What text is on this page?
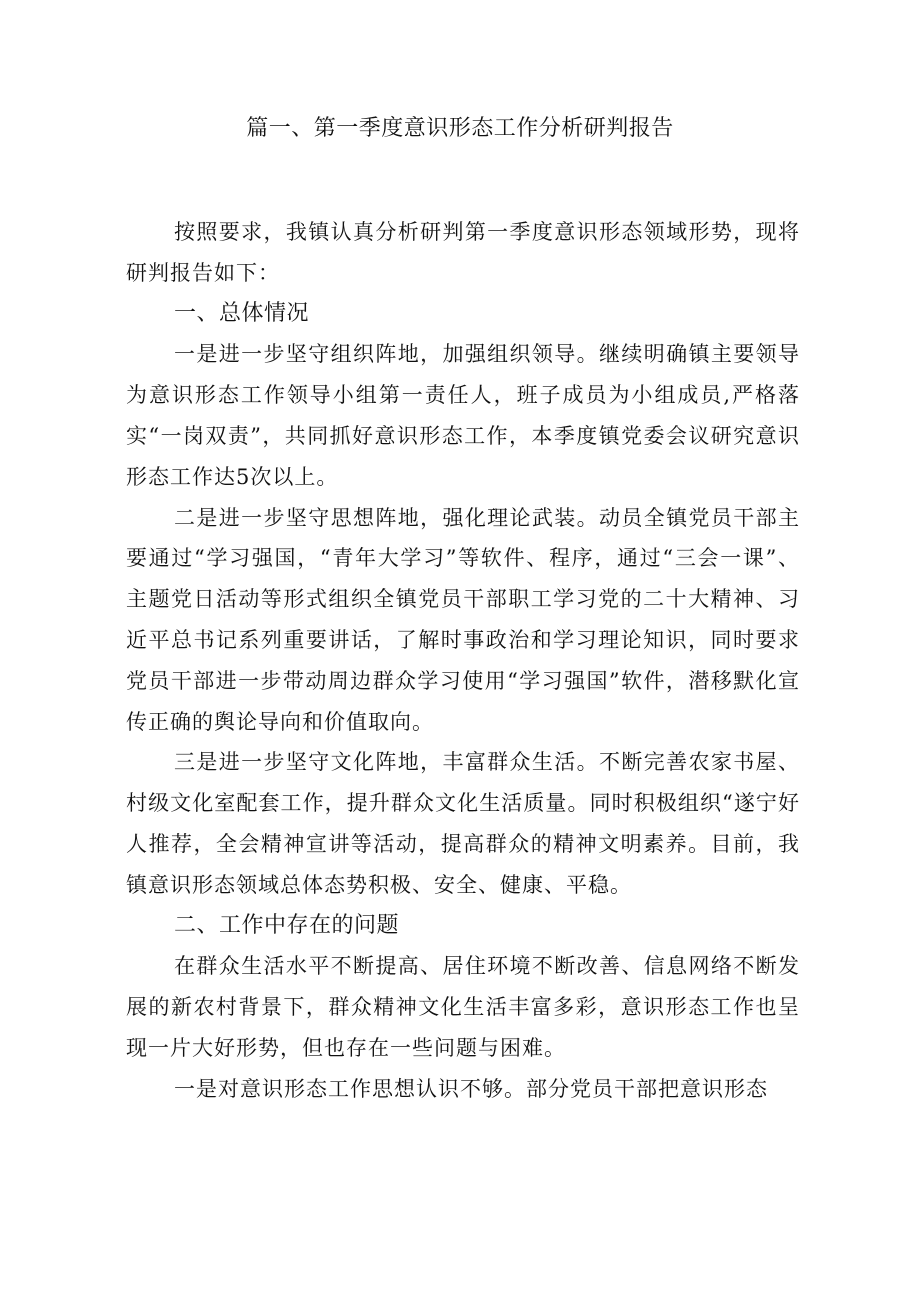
篇一、第一季度意识形态工作分析研判报告

按照要求，我镇认真分析研判第一季度意识形态领域形势，现将研判报告如下：

一、总体情况

一是进一步坚守组织阵地，加强组织领导。继续明确镇主要领导为意识形态工作领导小组第一责任人，班子成员为小组成员,严格落实“一岗双责”，共同抓好意识形态工作，本季度镇党委会议研究意识形态工作达5次以上。

二是进一步坚守思想阵地，强化理论武装。动员全镇党员干部主要通过“学习强国，“青年大学习”等软件、程序，通过“三会一课”、主题党日活动等形式组织全镇党员干部职工学习党的二十大精神、习近平总书记系列重要讲话，了解时事政治和学习理论知识，同时要求党员干部进一步带动周边群众学习使用“学习强国”软件，潜移默化宣传正确的舆论导向和价值取向。

三是进一步坚守文化阵地，丰富群众生活。不断完善农家书屋、村级文化室配套工作，提升群众文化生活质量。同时积极组织“遂宁好人推荐，全会精神宣讲等活动，提高群众的精神文明素养。目前，我镇意识形态领域总体态势积极、安全、健康、平稳。

二、工作中存在的问题

在群众生活水平不断提高、居住环境不断改善、信息网络不断发展的新农村背景下，群众精神文化生活丰富多彩，意识形态工作也呈现一片大好形势，但也存在一些问题与困难。

一是对意识形态工作思想认识不够。部分党员干部把意识形态
